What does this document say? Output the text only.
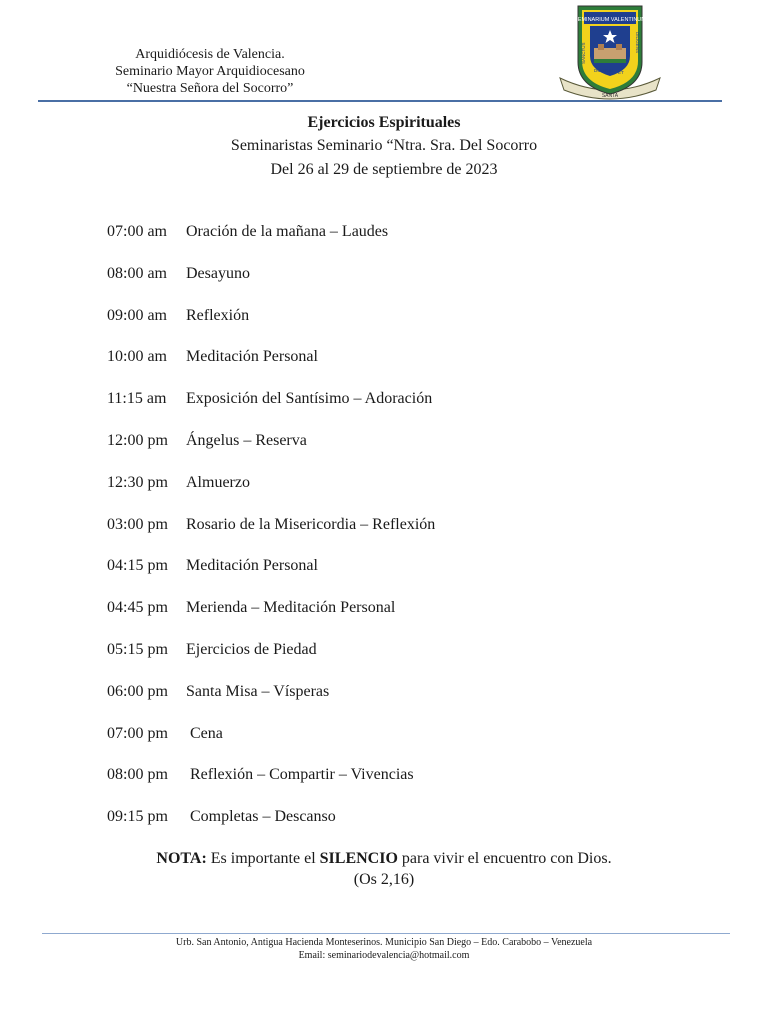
Arquidiócesis de Valencia.
Seminario Mayor Arquidiocesano
“Nuestra Señora del Socorro”
SEMINARIUM VALENTINUM
SANCTUS	DILIGENS
DOCTUS ET
SANTA
Ejercicios Espirituales
Seminaristas Seminario “Ntra. Sra. Del Socorro
Del 26 al 29 de septiembre de 2023
07:00 am	Oración de la mañana – Laudes
08:00 am	Desayuno
09:00 am	Reflexión
10:00 am	Meditación Personal
11:15 am	Exposición del Santísimo – Adoración
12:00 pm	Ángelus – Reserva
12:30 pm	Almuerzo
03:00 pm	Rosario de la Misericordia – Reflexión
04:15 pm	Meditación Personal
04:45 pm	Merienda – Meditación Personal
05:15 pm	Ejercicios de Piedad
06:00 pm	Santa Misa – Vísperas
07:00 pm	Cena
08:00 pm	Reflexión – Compartir – Vivencias
09:15 pm	Completas – Descanso
NOTA: Es importante el SILENCIO para vivir el encuentro con Dios.
(Os 2,16)
Urb. San Antonio, Antigua Hacienda Monteserinos. Municipio San Diego – Edo. Carabobo – Venezuela
Email: seminariodevalencia@hotmail.com
